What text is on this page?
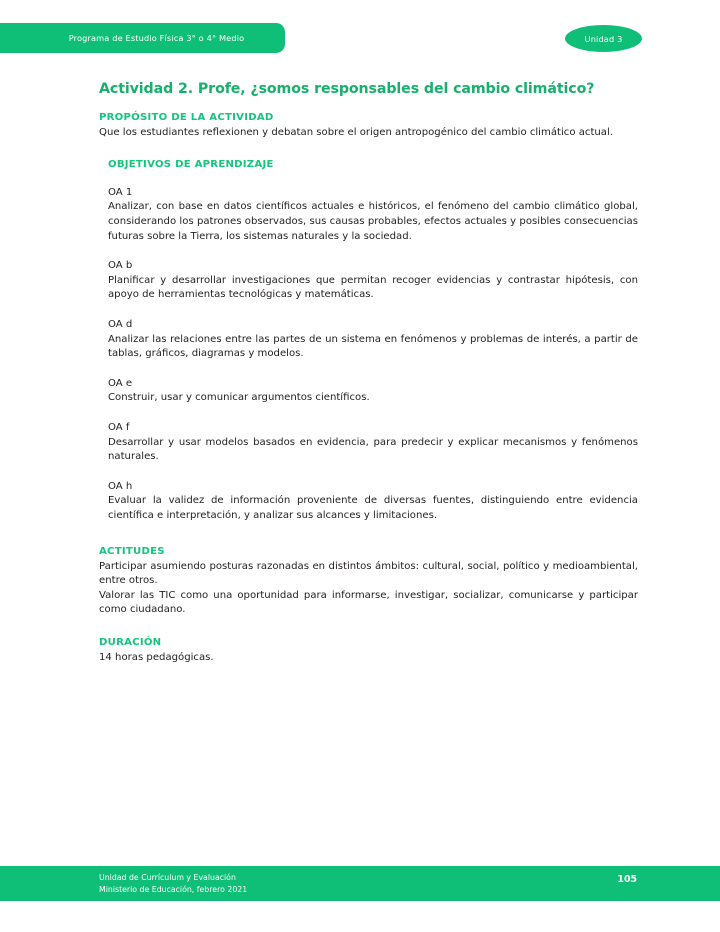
Programa de Estudio Física 3° o 4° Medio	Unidad 3
Actividad 2. Profe, ¿somos responsables del cambio climático?
PROPÓSITO DE LA ACTIVIDAD

Que los estudiantes reflexionen y debatan sobre el origen antropogénico del cambio climático actual.

OBJETIVOS DE APRENDIZAJE

OA 1

Analizar, con base en datos científicos actuales e históricos, el fenómeno del cambio climático global, considerando los patrones observados, sus causas probables, efectos actuales y posibles consecuencias futuras sobre la Tierra, los sistemas naturales y la sociedad.

OA b

Planificar y desarrollar investigaciones que permitan recoger evidencias y contrastar hipótesis, con apoyo de herramientas tecnológicas y matemáticas.

OA d

Analizar las relaciones entre las partes de un sistema en fenómenos y problemas de interés, a partir de tablas, gráficos, diagramas y modelos.

OA e

Construir, usar y comunicar argumentos científicos.

OA f

Desarrollar y usar modelos basados en evidencia, para predecir y explicar mecanismos y fenómenos naturales.

OA h

Evaluar la validez de información proveniente de diversas fuentes, distinguiendo entre evidencia científica e interpretación, y analizar sus alcances y limitaciones.

ACTITUDES

Participar asumiendo posturas razonadas en distintos ámbitos: cultural, social, político y medioambiental, entre otros.

Valorar las TIC como una oportunidad para informarse, investigar, socializar, comunicarse y participar como ciudadano.

DURACIÓN

14 horas pedagógicas.

Unidad de Currículum y Evaluación

Ministerio de Educación, febrero 2021

105
